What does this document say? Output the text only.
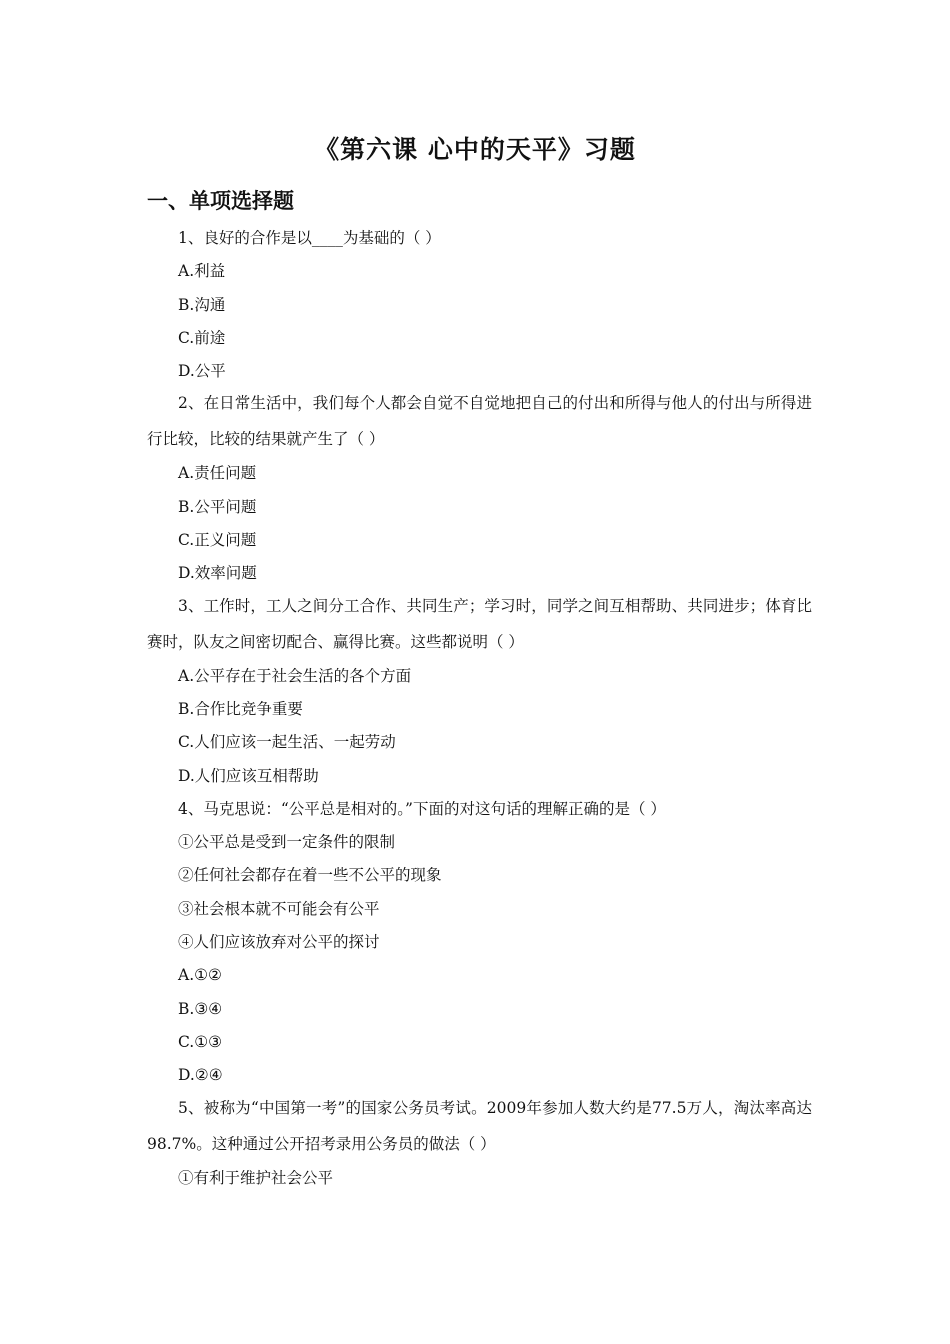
《第六课 心中的天平》习题
一、单项选择题
1、良好的合作是以____为基础的（ ）
A.利益
B.沟通
C.前途
D.公平
2、在日常生活中，我们每个人都会自觉不自觉地把自己的付出和所得与他人的付出与所得进行比较，比较的结果就产生了（ ）
A.责任问题
B.公平问题
C.正义问题
D.效率问题
3、工作时，工人之间分工合作、共同生产；学习时，同学之间互相帮助、共同进步；体育比赛时，队友之间密切配合、赢得比赛。这些都说明（ ）
A.公平存在于社会生活的各个方面
B.合作比竞争重要
C.人们应该一起生活、一起劳动
D.人们应该互相帮助
4、马克思说：“公平总是相对的。”下面的对这句话的理解正确的是（ ）
①公平总是受到一定条件的限制
②任何社会都存在着一些不公平的现象
③社会根本就不可能会有公平
④人们应该放弃对公平的探讨
A.①②
B.③④
C.①③
D.②④
5、被称为“中国第一考”的国家公务员考试。2009年参加人数大约是77.5万人，淘汰率高达98.7%。这种通过公开招考录用公务员的做法（ ）
①有利于维护社会公平
